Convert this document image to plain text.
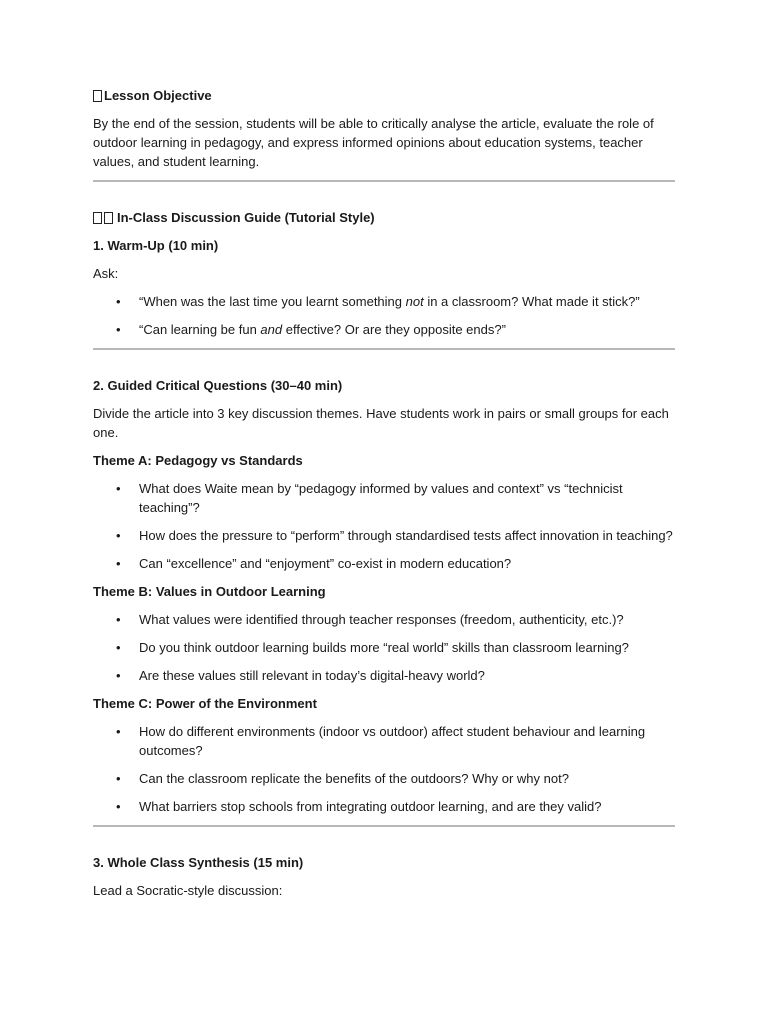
Lesson Objective

By the end of the session, students will be able to critically analyse the article, evaluate the role of outdoor learning in pedagogy, and express informed opinions about education systems, teacher values, and student learning.

In-Class Discussion Guide (Tutorial Style)
1. Warm-Up (10 min)

Ask:

• “When was the last time you learnt something not in a classroom? What made it stick?”
• “Can learning be fun and effective? Or are they opposite ends?”
2. Guided Critical Questions (30–40 min)

Divide the article into 3 key discussion themes. Have students work in pairs or small groups for each one.

Theme A: Pedagogy vs Standards
• What does Waite mean by “pedagogy informed by values and context” vs “technicist teaching”?
• How does the pressure to “perform” through standardised tests affect innovation in teaching?
• Can “excellence” and “enjoyment” co-exist in modern education?
Theme B: Values in Outdoor Learning
• What values were identified through teacher responses (freedom, authenticity, etc.)?
• Do you think outdoor learning builds more “real world” skills than classroom learning?
• Are these values still relevant in today’s digital-heavy world?
Theme C: Power of the Environment
• How do different environments (indoor vs outdoor) affect student behaviour and learning outcomes?
• Can the classroom replicate the benefits of the outdoors? Why or why not?
• What barriers stop schools from integrating outdoor learning, and are they valid?
3. Whole Class Synthesis (15 min)

Lead a Socratic-style discussion:
